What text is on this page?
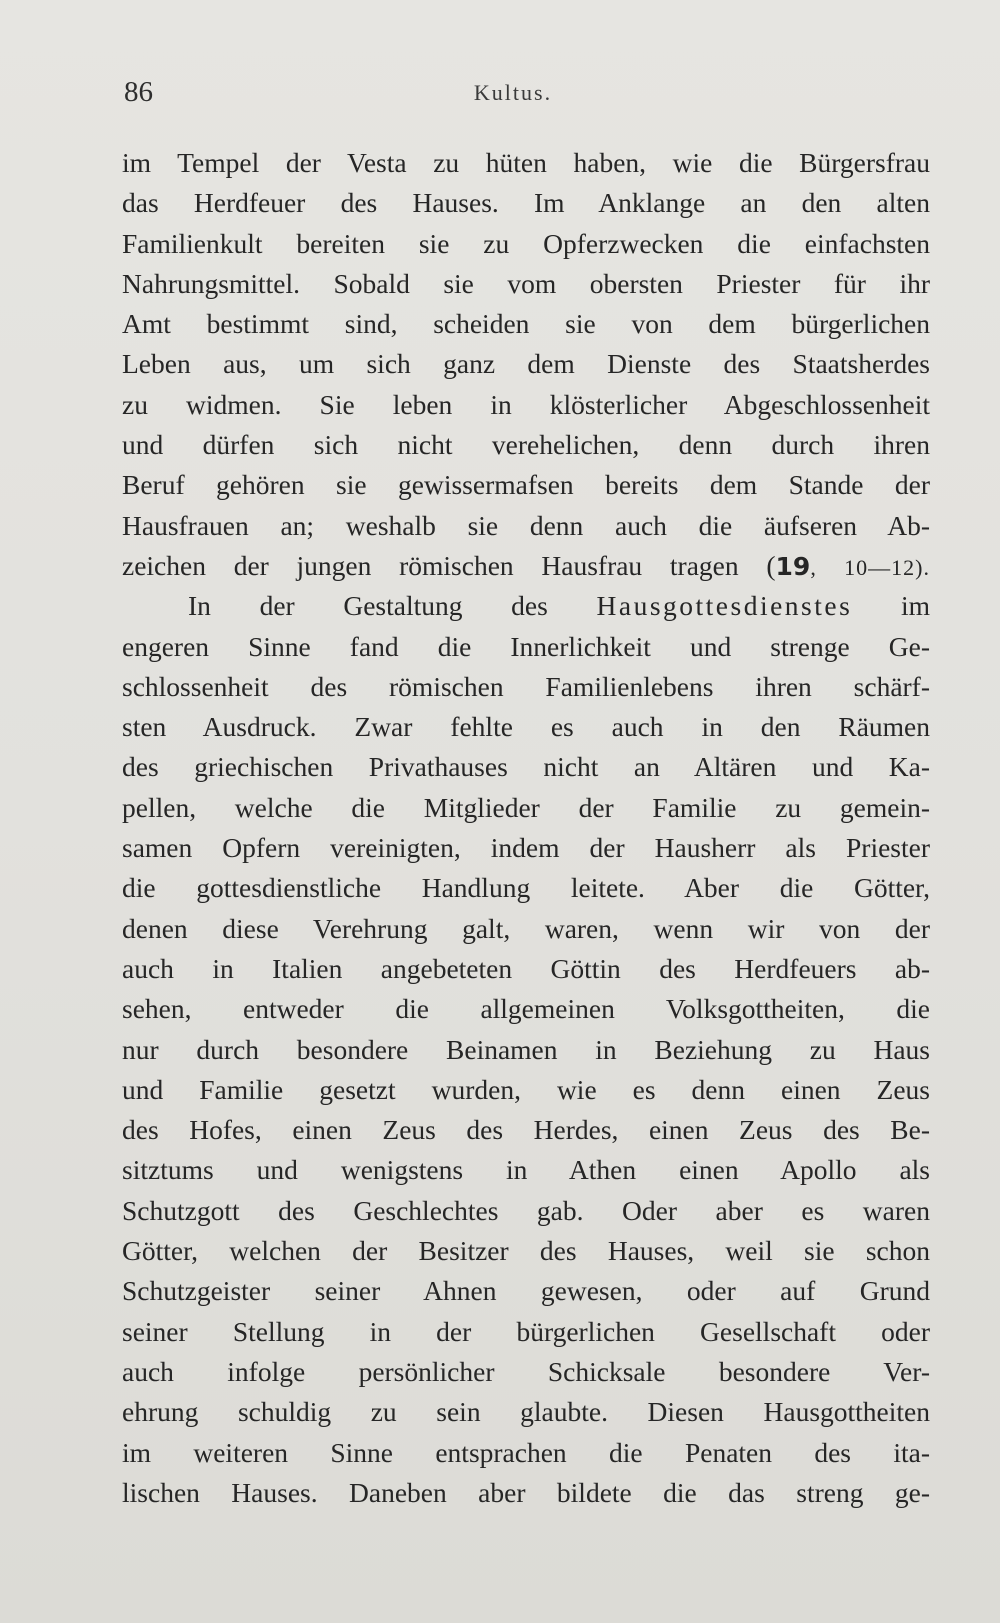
86	Kultus.
im Tempel der Vesta zu hüten haben, wie die Bürgersfrau
das Herdfeuer des Hauses. Im Anklange an den alten
Familienkult bereiten sie zu Opferzwecken die einfachsten
Nahrungsmittel. Sobald sie vom obersten Priester für ihr
Amt bestimmt sind, scheiden sie von dem bürgerlichen
Leben aus, um sich ganz dem Dienste des Staatsherdes
zu widmen. Sie leben in klösterlicher Abgeschlossenheit
und dürfen sich nicht verehelichen, denn durch ihren
Beruf gehören sie gewissermafsen bereits dem Stande der
Hausfrauen an; weshalb sie denn auch die äufseren Ab-
zeichen der jungen römischen Hausfrau tragen (19, 10—12).
In der Gestaltung des Hausgottesdienstes im
engeren Sinne fand die Innerlichkeit und strenge Ge-
schlossenheit des römischen Familienlebens ihren schärf-
sten Ausdruck. Zwar fehlte es auch in den Räumen
des griechischen Privathauses nicht an Altären und Ka-
pellen, welche die Mitglieder der Familie zu gemein-
samen Opfern vereinigten, indem der Hausherr als Priester
die gottesdienstliche Handlung leitete. Aber die Götter,
denen diese Verehrung galt, waren, wenn wir von der
auch in Italien angebeteten Göttin des Herdfeuers ab-
sehen, entweder die allgemeinen Volksgottheiten, die
nur durch besondere Beinamen in Beziehung zu Haus
und Familie gesetzt wurden, wie es denn einen Zeus
des Hofes, einen Zeus des Herdes, einen Zeus des Be-
sitztums und wenigstens in Athen einen Apollo als
Schutzgott des Geschlechtes gab. Oder aber es waren
Götter, welchen der Besitzer des Hauses, weil sie schon
Schutzgeister seiner Ahnen gewesen, oder auf Grund
seiner Stellung in der bürgerlichen Gesellschaft oder
auch infolge persönlicher Schicksale besondere Ver-
ehrung schuldig zu sein glaubte. Diesen Hausgottheiten
im weiteren Sinne entsprachen die Penaten des ita-
lischen Hauses. Daneben aber bildete die das streng ge-
